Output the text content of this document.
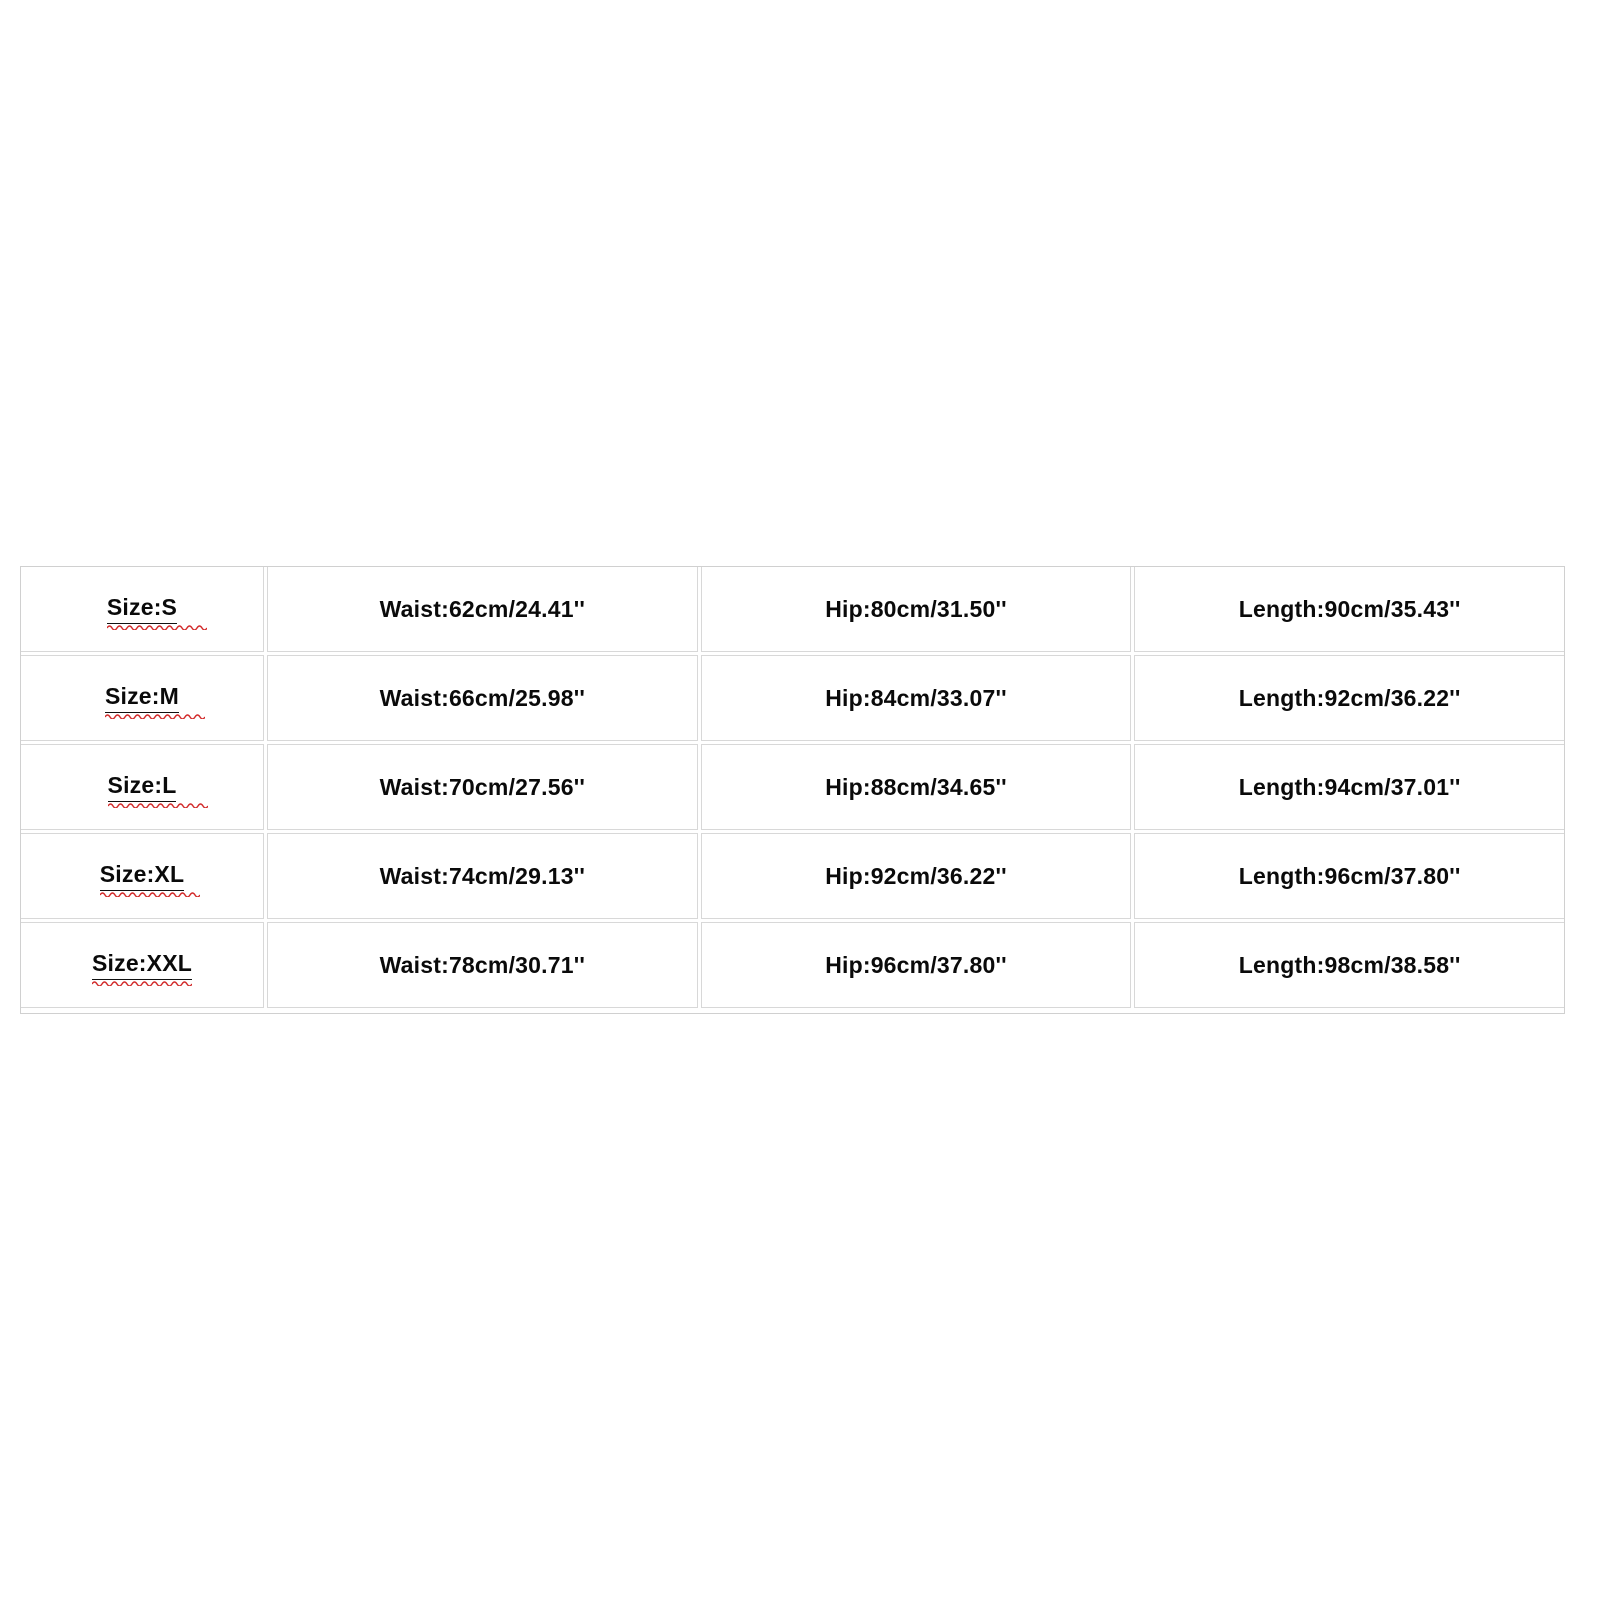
Size:S	Waist:62cm/24.41''	Hip:80cm/31.50''	Length:90cm/35.43''
Size:M	Waist:66cm/25.98''	Hip:84cm/33.07''	Length:92cm/36.22''
Size:L	Waist:70cm/27.56''	Hip:88cm/34.65''	Length:94cm/37.01''
Size:XL	Waist:74cm/29.13''	Hip:92cm/36.22''	Length:96cm/37.80''
Size:XXL	Waist:78cm/30.71''	Hip:96cm/37.80''	Length:98cm/38.58''
